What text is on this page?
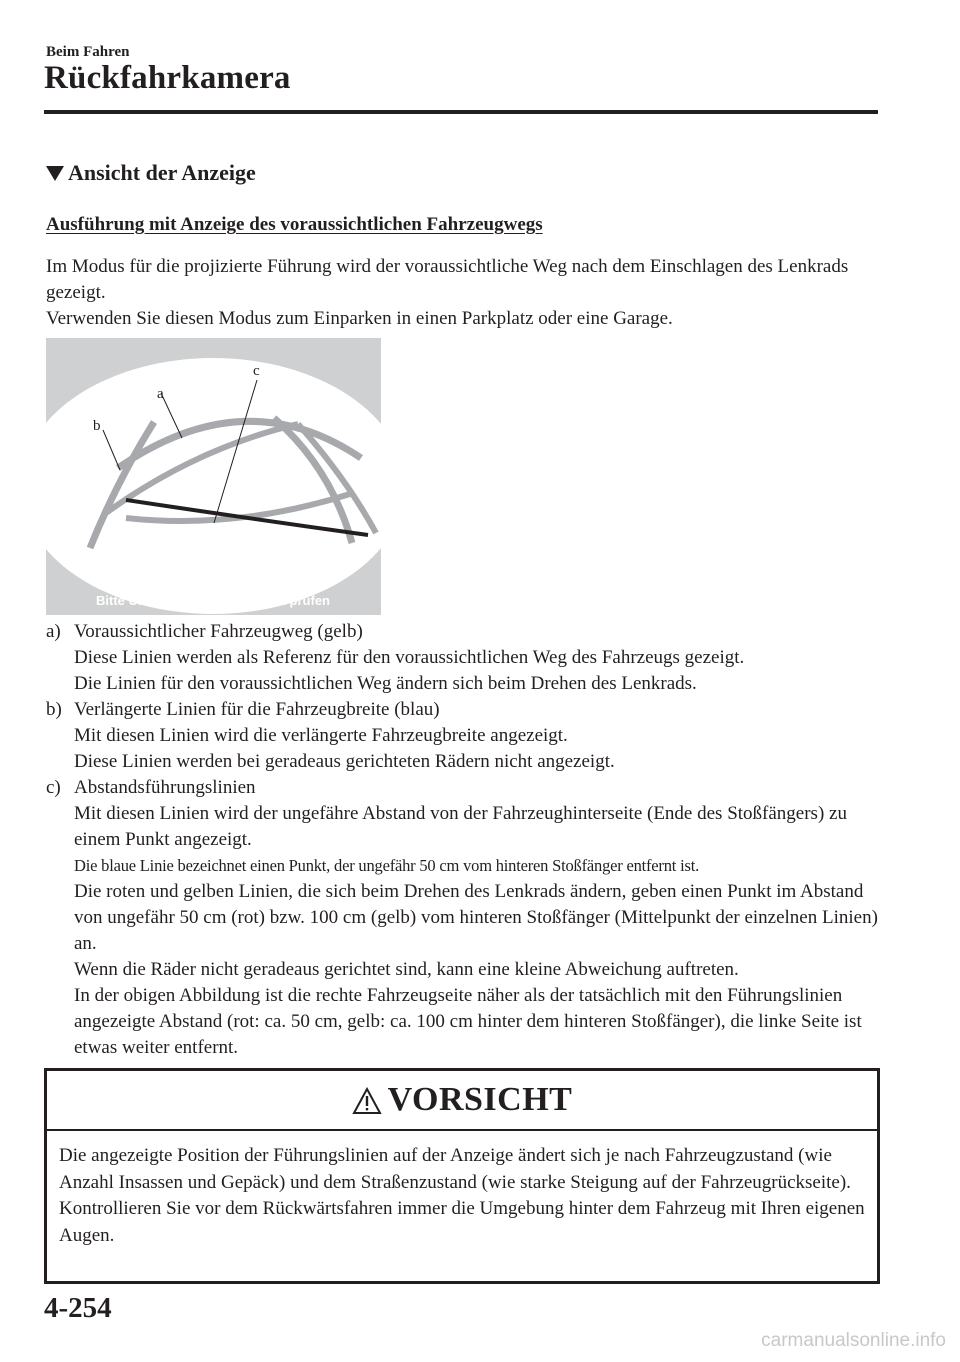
Beim Fahren
Rückfahrkamera
Ansicht der Anzeige
Ausführung mit Anzeige des voraussichtlichen Fahrzeugwegs

Im Modus für die projizierte Führung wird der voraussichtliche Weg nach dem Einschlagen des Lenkrads gezeigt.

Verwenden Sie diesen Modus zum Einparken in einen Parkplatz oder eine Garage.

a
b
c
Bitte Umgebung auf Sicherheit prüfen
a) Voraussichtlicher Fahrzeugweg (gelb)

Diese Linien werden als Referenz für den voraussichtlichen Weg des Fahrzeugs gezeigt.

Die Linien für den voraussichtlichen Weg ändern sich beim Drehen des Lenkrads.

b) Verlängerte Linien für die Fahrzeugbreite (blau)

Mit diesen Linien wird die verlängerte Fahrzeugbreite angezeigt.

Diese Linien werden bei geradeaus gerichteten Rädern nicht angezeigt.

c) Abstandsführungslinien

Mit diesen Linien wird der ungefähre Abstand von der Fahrzeughinterseite (Ende des Stoßfängers) zu einem Punkt angezeigt.

Die blaue Linie bezeichnet einen Punkt, der ungefähr 50 cm vom hinteren Stoßfänger entfernt ist.

Die roten und gelben Linien, die sich beim Drehen des Lenkrads ändern, geben einen Punkt im Abstand von ungefähr 50 cm (rot) bzw. 100 cm (gelb) vom hinteren Stoßfänger (Mittelpunkt der einzelnen Linien) an.

Wenn die Räder nicht geradeaus gerichtet sind, kann eine kleine Abweichung auftreten.

In der obigen Abbildung ist die rechte Fahrzeugseite näher als der tatsächlich mit den Führungslinien angezeigte Abstand (rot: ca. 50 cm, gelb: ca. 100 cm hinter dem hinteren Stoßfänger), die linke Seite ist etwas weiter entfernt.

VORSICHT

Die angezeigte Position der Führungslinien auf der Anzeige ändert sich je nach Fahrzeugzustand (wie Anzahl Insassen und Gepäck) und dem Straßenzustand (wie starke Steigung auf der Fahrzeugrückseite).

Kontrollieren Sie vor dem Rückwärtsfahren immer die Umgebung hinter dem Fahrzeug mit Ihren eigenen Augen.

4-254
carmanualsonline.info
